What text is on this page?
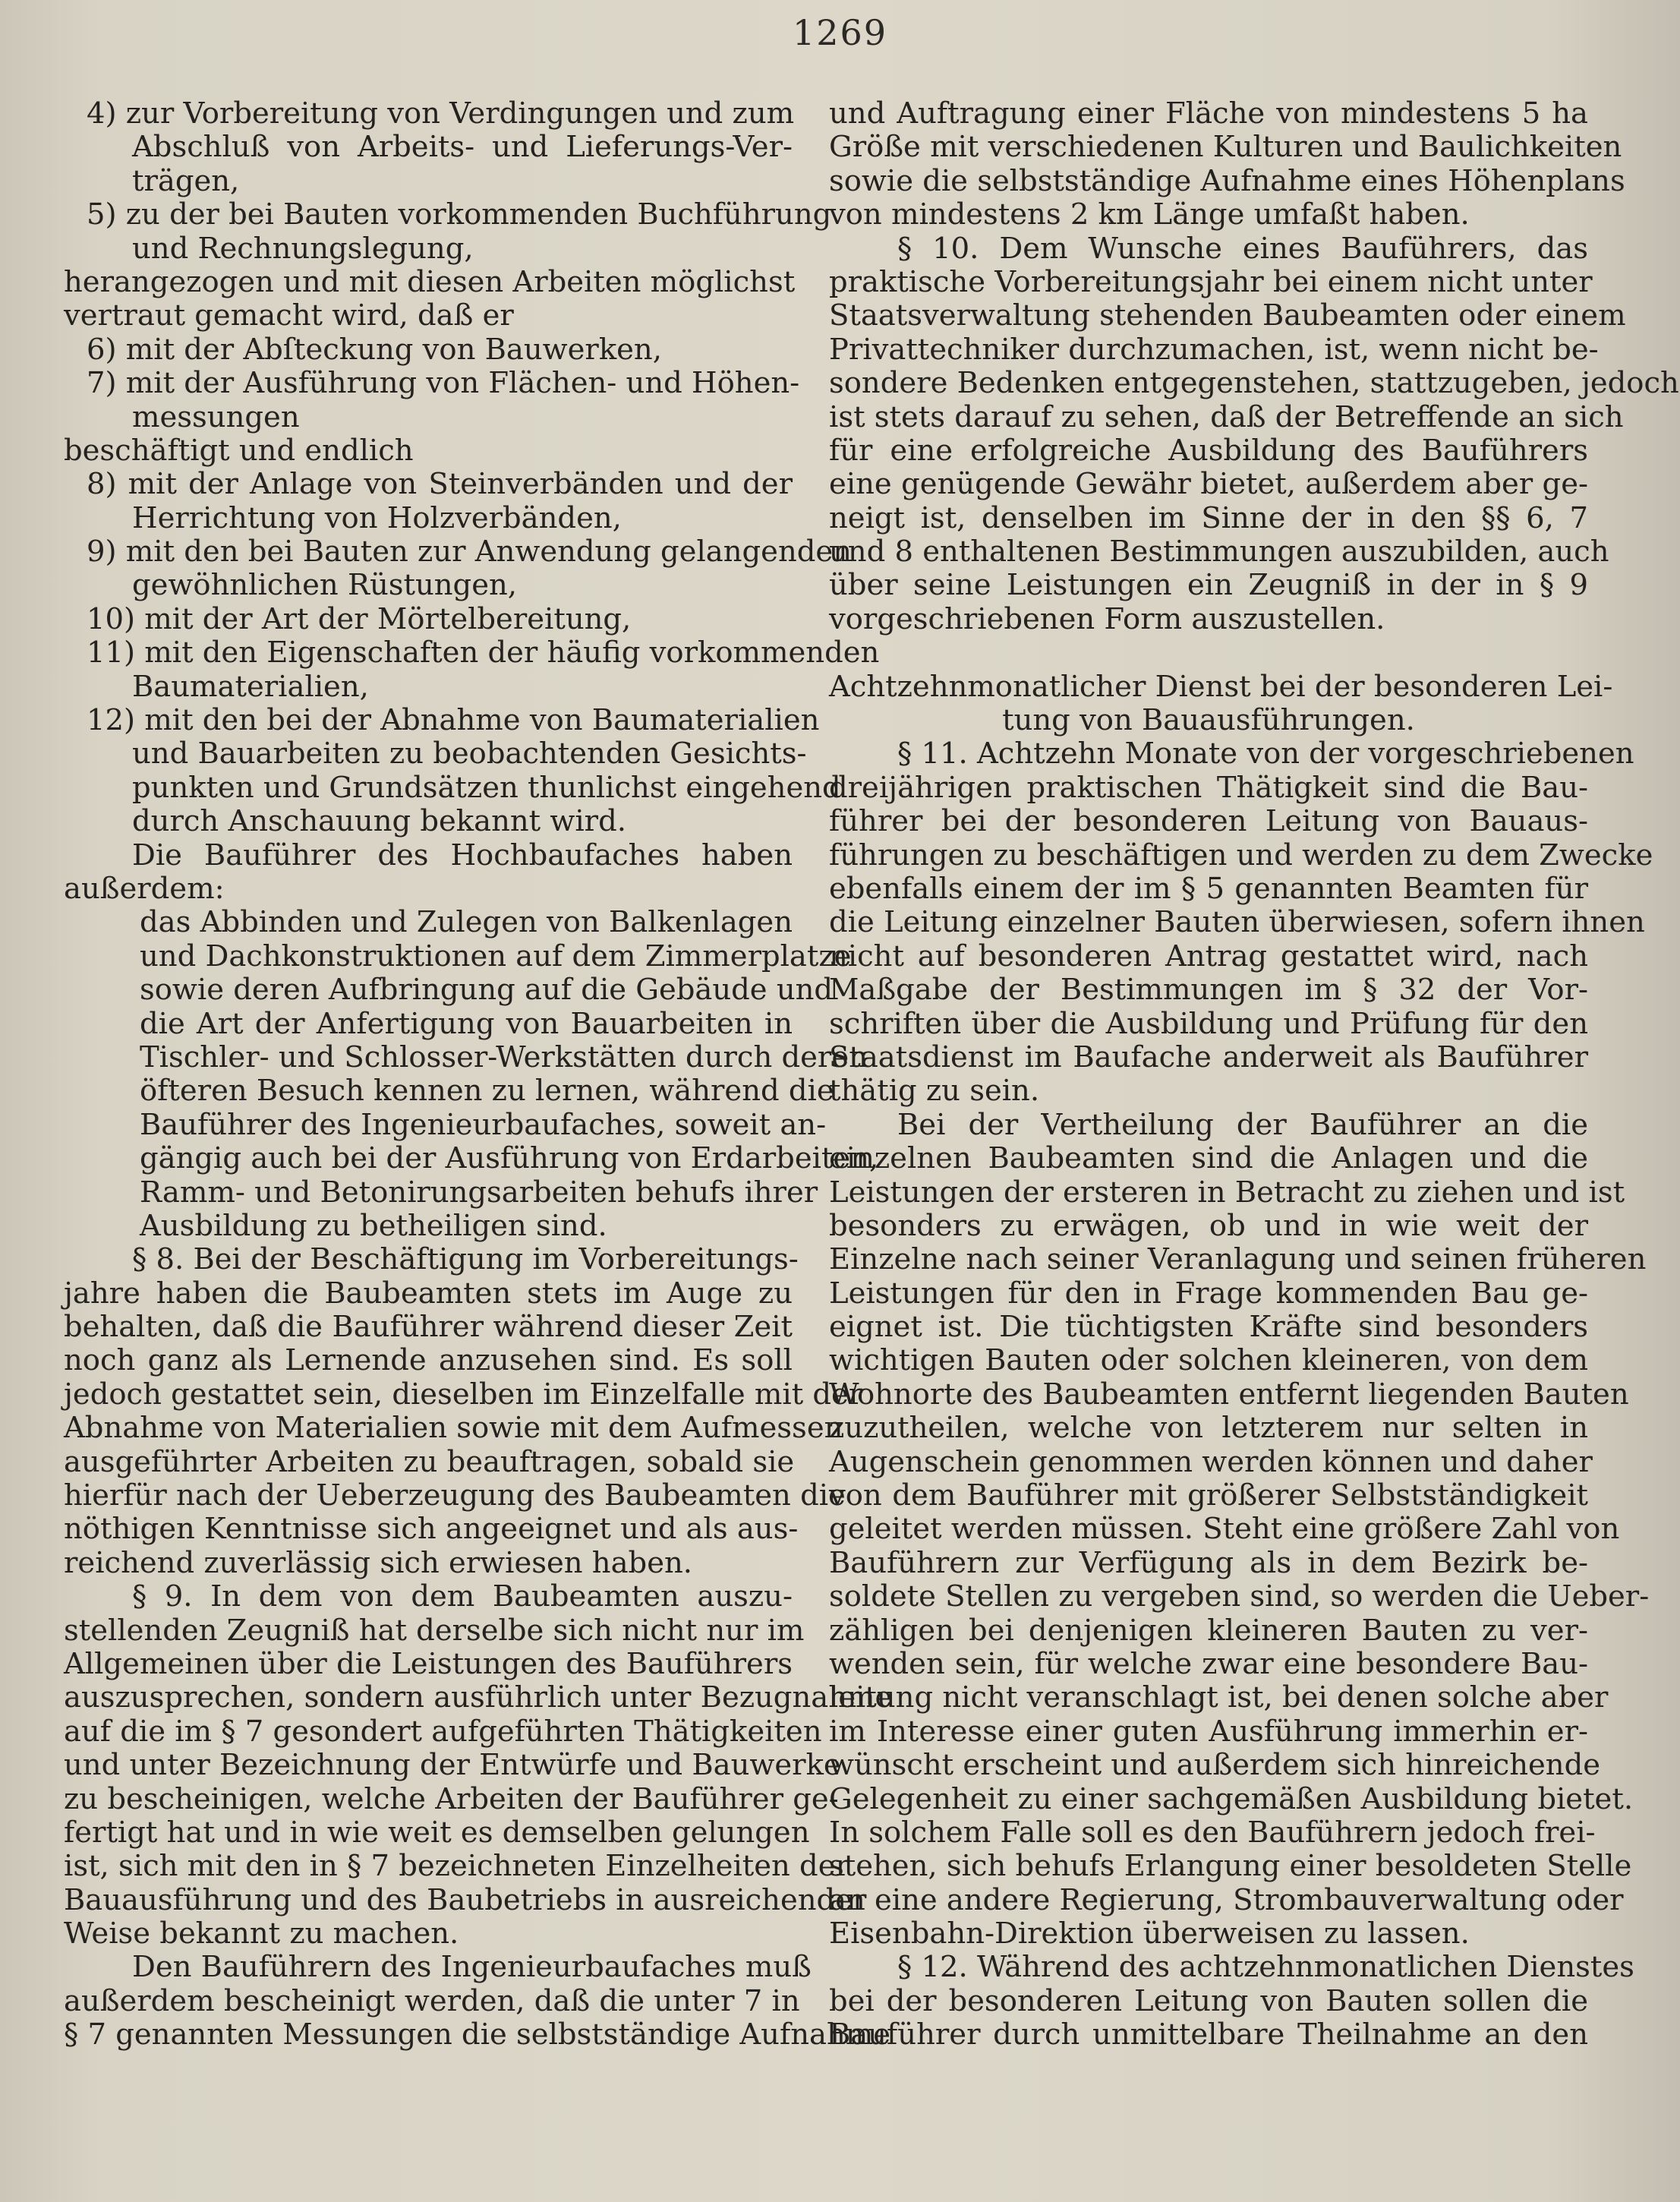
1269
4) zur Vorbereitung von Verdingungen und zum
Abschluß von Arbeits- und Lieferungs-Ver-
trägen,
5) zu der bei Bauten vorkommenden Buchführung
und Rechnungslegung,
herangezogen und mit diesen Arbeiten möglichst
vertraut gemacht wird, daß er
6) mit der Abſteckung von Bauwerken,
7) mit der Ausführung von Flächen- und Höhen-
messungen
beschäftigt und endlich
8) mit der Anlage von Steinverbänden und der
Herrichtung von Holzverbänden,
9) mit den bei Bauten zur Anwendung gelangenden
gewöhnlichen Rüstungen,
10) mit der Art der Mörtelbereitung,
11) mit den Eigenschaften der häufig vorkommenden
Baumaterialien,
12) mit den bei der Abnahme von Baumaterialien
und Bauarbeiten zu beobachtenden Gesichts-
punkten und Grundsätzen thunlichst eingehend
durch Anschauung bekannt wird.
Die Bauführer des Hochbaufaches haben
außerdem:
das Abbinden und Zulegen von Balkenlagen
und Dachkonstruktionen auf dem Zimmerplatze
sowie deren Aufbringung auf die Gebäude und
die Art der Anfertigung von Bauarbeiten in
Tischler- und Schlosser-Werkstätten durch deren
öfteren Besuch kennen zu lernen, während die
Bauführer des Ingenieurbaufaches, soweit an-
gängig auch bei der Ausführung von Erdarbeiten,
Ramm- und Betonirungsarbeiten behufs ihrer
Ausbildung zu betheiligen sind.
§ 8. Bei der Beschäftigung im Vorbereitungs-
jahre haben die Baubeamten stets im Auge zu
behalten, daß die Bauführer während dieser Zeit
noch ganz als Lernende anzusehen sind. Es soll
jedoch gestattet sein, dieselben im Einzelfalle mit der
Abnahme von Materialien sowie mit dem Aufmessen
ausgeführter Arbeiten zu beauftragen, sobald sie
hierfür nach der Ueberzeugung des Baubeamten die
nöthigen Kenntnisse sich angeeignet und als aus-
reichend zuverlässig sich erwiesen haben.
§ 9. In dem von dem Baubeamten auszu-
stellenden Zeugniß hat derselbe sich nicht nur im
Allgemeinen über die Leistungen des Bauführers
auszusprechen, sondern ausführlich unter Bezugnahme
auf die im § 7 gesondert aufgeführten Thätigkeiten
und unter Bezeichnung der Entwürfe und Bauwerke
zu bescheinigen, welche Arbeiten der Bauführer ge-
fertigt hat und in wie weit es demselben gelungen
ist, sich mit den in § 7 bezeichneten Einzelheiten der
Bauausführung und des Baubetriebs in ausreichender
Weise bekannt zu machen.
Den Bauführern des Ingenieurbaufaches muß
außerdem bescheinigt werden, daß die unter 7 in
§ 7 genannten Messungen die selbstständige Aufnahme
und Auftragung einer Fläche von mindestens 5 ha
Größe mit verschiedenen Kulturen und Baulichkeiten
sowie die selbstständige Aufnahme eines Höhenplans
von mindestens 2 km Länge umfaßt haben.
§ 10. Dem Wunsche eines Bauführers, das
praktische Vorbereitungsjahr bei einem nicht unter
Staatsverwaltung stehenden Baubeamten oder einem
Privattechniker durchzumachen, ist, wenn nicht be-
sondere Bedenken entgegenstehen, stattzugeben, jedoch
ist stets darauf zu sehen, daß der Betreffende an sich
für eine erfolgreiche Ausbildung des Bauführers
eine genügende Gewähr bietet, außerdem aber ge-
neigt ist, denselben im Sinne der in den §§ 6, 7
und 8 enthaltenen Bestimmungen auszubilden, auch
über seine Leistungen ein Zeugniß in der in § 9
vorgeschriebenen Form auszustellen.
Achtzehnmonatlicher Dienst bei der besonderen Lei-
tung von Bauausführungen.
§ 11. Achtzehn Monate von der vorgeschriebenen
dreijährigen praktischen Thätigkeit sind die Bau-
führer bei der besonderen Leitung von Bauaus-
führungen zu beschäftigen und werden zu dem Zwecke
ebenfalls einem der im § 5 genannten Beamten für
die Leitung einzelner Bauten überwiesen, sofern ihnen
nicht auf besonderen Antrag gestattet wird, nach
Maßgabe der Bestimmungen im § 32 der Vor-
schriften über die Ausbildung und Prüfung für den
Staatsdienst im Baufache anderweit als Bauführer
thätig zu sein.
Bei der Vertheilung der Bauführer an die
einzelnen Baubeamten sind die Anlagen und die
Leistungen der ersteren in Betracht zu ziehen und ist
besonders zu erwägen, ob und in wie weit der
Einzelne nach seiner Veranlagung und seinen früheren
Leistungen für den in Frage kommenden Bau ge-
eignet ist. Die tüchtigsten Kräfte sind besonders
wichtigen Bauten oder solchen kleineren, von dem
Wohnorte des Baubeamten entfernt liegenden Bauten
zuzutheilen, welche von letzterem nur selten in
Augenschein genommen werden können und daher
von dem Bauführer mit größerer Selbstständigkeit
geleitet werden müssen. Steht eine größere Zahl von
Bauführern zur Verfügung als in dem Bezirk be-
soldete Stellen zu vergeben sind, so werden die Ueber-
zähligen bei denjenigen kleineren Bauten zu ver-
wenden sein, für welche zwar eine besondere Bau-
leitung nicht veranschlagt ist, bei denen solche aber
im Interesse einer guten Ausführung immerhin er-
wünscht erscheint und außerdem sich hinreichende
Gelegenheit zu einer sachgemäßen Ausbildung bietet.
In solchem Falle soll es den Bauführern jedoch frei-
stehen, sich behufs Erlangung einer besoldeten Stelle
an eine andere Regierung, Strombauverwaltung oder
Eisenbahn-Direktion überweisen zu lassen.
§ 12. Während des achtzehnmonatlichen Dienstes
bei der besonderen Leitung von Bauten sollen die
Bauführer durch unmittelbare Theilnahme an den
